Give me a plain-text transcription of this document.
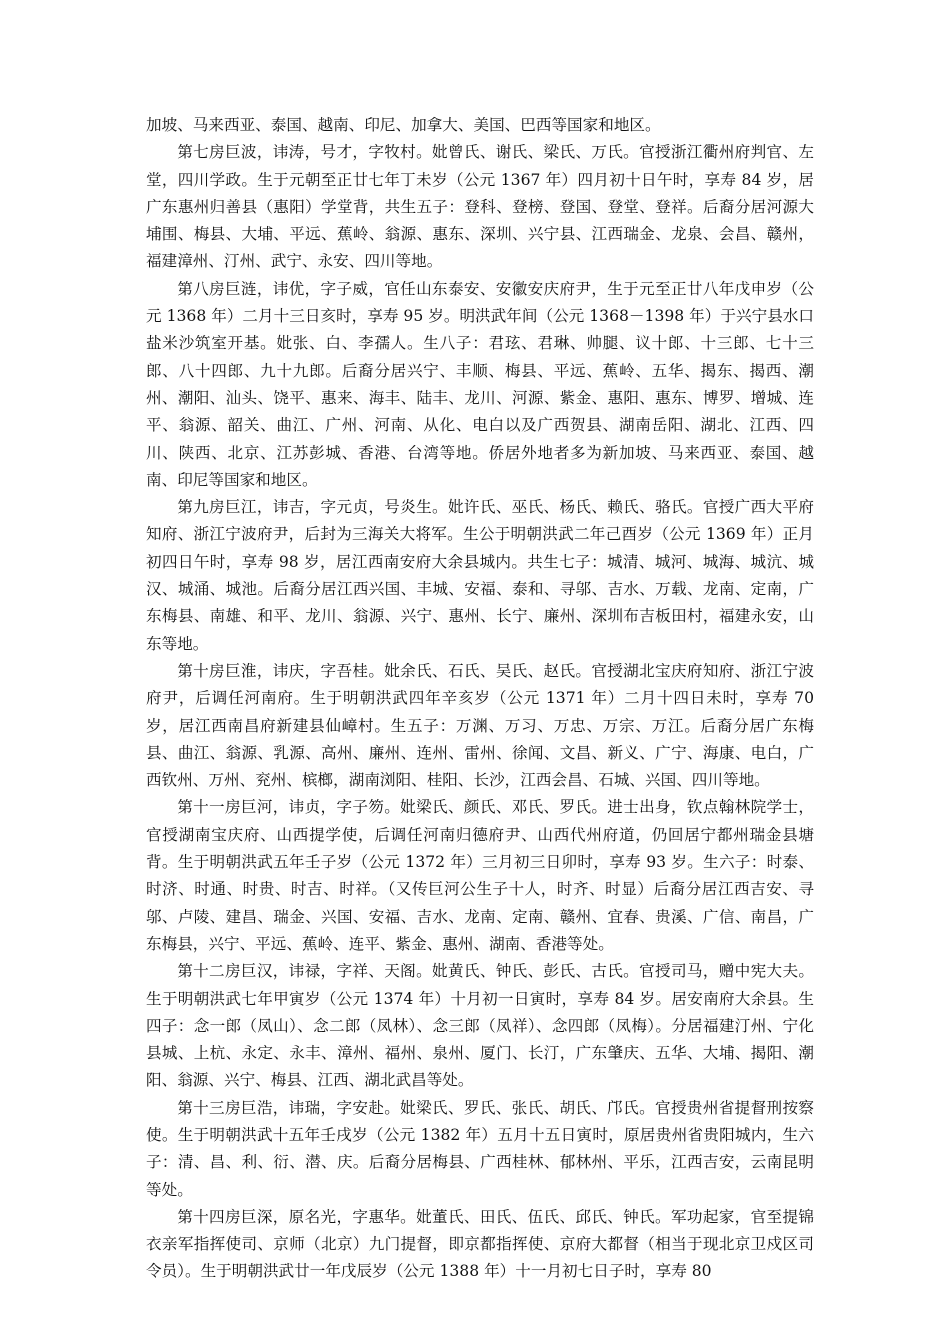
加坡、马来西亚、泰国、越南、印尼、加拿大、美国、巴西等国家和地区。

第七房巨波，讳涛，号才，字牧村。妣曾氏、谢氏、梁氏、万氏。官授浙江衢州府判官、左堂，四川学政。生于元朝至正廿七年丁未岁（公元 1367 年）四月初十日午时，享寿 84 岁，居广东惠州归善县（惠阳）学堂背，共生五子：登科、登榜、登国、登堂、登祥。后裔分居河源大埔围、梅县、大埔、平远、蕉岭、翁源、惠东、深圳、兴宁县、江西瑞金、龙泉、会昌、赣州，福建漳州、汀州、武宁、永安、四川等地。

第八房巨涟，讳优，字子威，官任山东泰安、安徽安庆府尹，生于元至正廿八年戊申岁（公元 1368 年）二月十三日亥时，享寿 95 岁。明洪武年间（公元 1368－1398 年）于兴宁县水口盐米沙筑室开基。妣张、白、李孺人。生八子：君玹、君琳、帅腿、议十郎、十三郎、七十三郎、八十四郎、九十九郎。后裔分居兴宁、丰顺、梅县、平远、蕉岭、五华、揭东、揭西、潮州、潮阳、汕头、饶平、惠来、海丰、陆丰、龙川、河源、紫金、惠阳、惠东、博罗、增城、连平、翁源、韶关、曲江、广州、河南、从化、电白以及广西贺县、湖南岳阳、湖北、江西、四川、陕西、北京、江苏彭城、香港、台湾等地。侨居外地者多为新加坡、马来西亚、泰国、越南、印尼等国家和地区。

第九房巨江，讳吉，字元贞，号炎生。妣许氏、巫氏、杨氏、赖氏、骆氏。官授广西大平府知府、浙江宁波府尹，后封为三海关大将军。生公于明朝洪武二年己酉岁（公元 1369 年）正月初四日午时，享寿 98 岁，居江西南安府大余县城内。共生七子：城清、城河、城海、城沆、城汉、城涌、城池。后裔分居江西兴国、丰城、安福、泰和、寻邬、吉水、万载、龙南、定南，广东梅县、南雄、和平、龙川、翁源、兴宁、惠州、长宁、廉州、深圳布吉板田村，福建永安，山东等地。

第十房巨淮，讳庆，字吾桂。妣余氏、石氏、吴氏、赵氏。官授湖北宝庆府知府、浙江宁波府尹，后调任河南府。生于明朝洪武四年辛亥岁（公元 1371 年）二月十四日未时，享寿 70 岁，居江西南昌府新建县仙嶂村。生五子：万渊、万习、万忠、万宗、万江。后裔分居广东梅县、曲江、翁源、乳源、高州、廉州、连州、雷州、徐闻、文昌、新义、广宁、海康、电白，广西钦州、万州、兖州、槟榔，湖南浏阳、桂阳、长沙，江西会昌、石城、兴国、四川等地。

第十一房巨河，讳贞，字子笏。妣梁氏、颜氏、邓氏、罗氏。进士出身，钦点翰林院学士，官授湖南宝庆府、山西提学使，后调任河南归德府尹、山西代州府道，仍回居宁都州瑞金县塘背。生于明朝洪武五年壬子岁（公元 1372 年）三月初三日卯时，享寿 93 岁。生六子：时泰、时济、时通、时贵、时吉、时祥。（又传巨河公生子十人，时齐、时显）后裔分居江西吉安、寻邬、卢陵、建昌、瑞金、兴国、安福、吉水、龙南、定南、赣州、宜春、贵溪、广信、南昌，广东梅县，兴宁、平远、蕉岭、连平、紫金、惠州、湖南、香港等处。

第十二房巨汉，讳禄，字祥、天阁。妣黄氏、钟氏、彭氏、古氏。官授司马，赠中宪大夫。生于明朝洪武七年甲寅岁（公元 1374 年）十月初一日寅时，享寿 84 岁。居安南府大余县。生四子：念一郎（凤山）、念二郎（凤林）、念三郎（凤祥）、念四郎（凤梅）。分居福建汀州、宁化县城、上杭、永定、永丰、漳州、福州、泉州、厦门、长汀，广东肇庆、五华、大埔、揭阳、潮阳、翁源、兴宁、梅县、江西、湖北武昌等处。

第十三房巨浩，讳瑞，字安赴。妣梁氏、罗氏、张氏、胡氏、邝氏。官授贵州省提督刑按察使。生于明朝洪武十五年壬戌岁（公元 1382 年）五月十五日寅时，原居贵州省贵阳城内，生六子：清、昌、利、衍、潜、庆。后裔分居梅县、广西桂林、郁林州、平乐，江西吉安，云南昆明等处。

第十四房巨深，原名光，字惠华。妣董氏、田氏、伍氏、邱氏、钟氏。军功起家，官至提锦衣亲军指挥使司、京师（北京）九门提督，即京都指挥使、京府大都督（相当于现北京卫戍区司令员）。生于明朝洪武廿一年戊辰岁（公元 1388 年）十一月初七日子时，享寿 80
